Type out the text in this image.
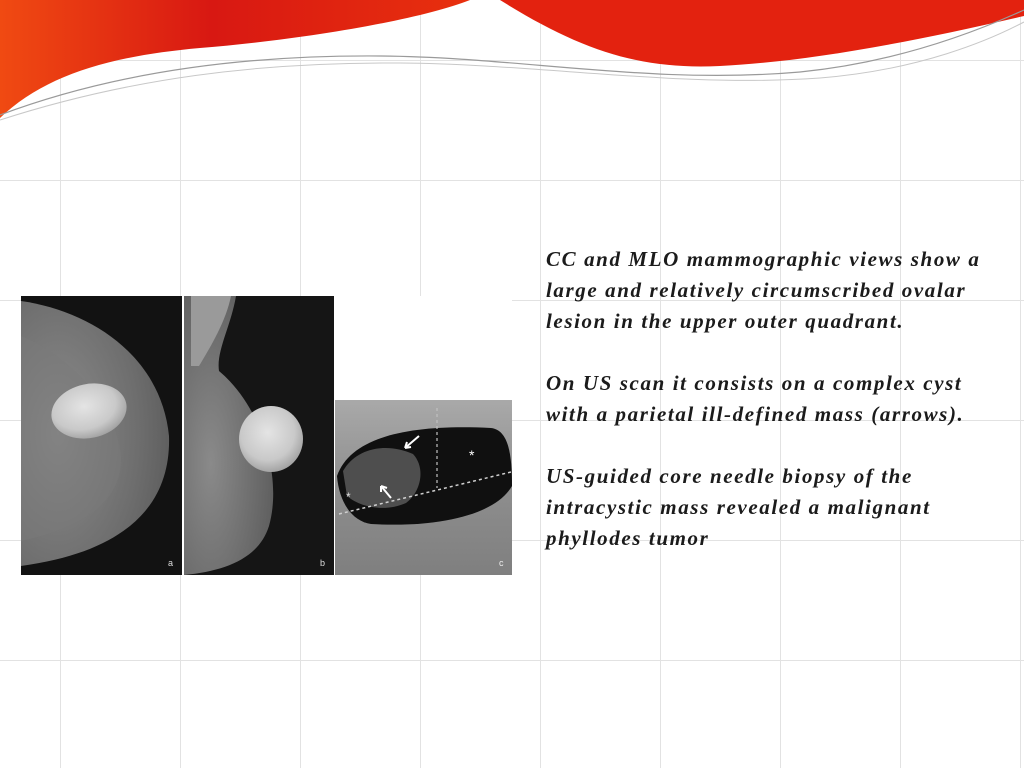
a	b
*
*
c

CC and MLO mammographic views show a large and relatively circumscribed ovalar lesion in the upper outer quadrant.

On US scan it consists on a complex cyst with a parietal ill-defined mass (arrows).

US-guided core needle biopsy of the intracystic mass revealed a malignant phyllodes tumor
